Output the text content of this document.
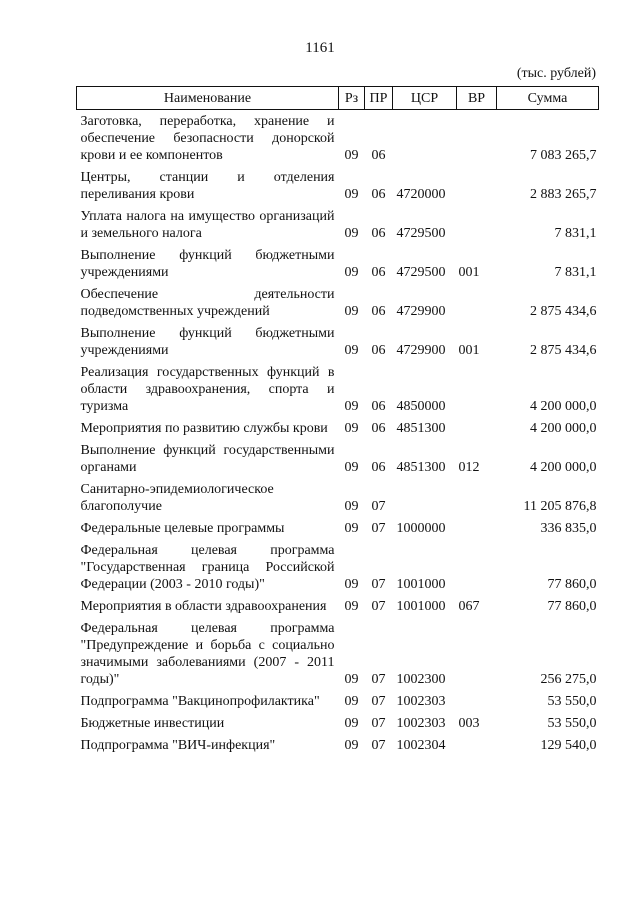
1161
(тыс. рублей)
Наименование	Рз	ПР	ЦСР	ВР	Сумма
Заготовка, переработка, хранение и обеспечение безопасности донорской крови и ее компонентов	09	06			7 083 265,7
Центры, станции и отделения переливания крови	09	06	4720000		2 883 265,7
Уплата налога на имущество организаций и земельного налога	09	06	4729500		7 831,1
Выполнение функций бюджетными учреждениями	09	06	4729500	001	7 831,1
Обеспечение деятельности подведомственных учреждений	09	06	4729900		2 875 434,6
Выполнение функций бюджетными учреждениями	09	06	4729900	001	2 875 434,6
Реализация государственных функций в области здравоохранения, спорта и туризма	09	06	4850000		4 200 000,0
Мероприятия по развитию службы крови	09	06	4851300		4 200 000,0
Выполнение функций государственными органами	09	06	4851300	012	4 200 000,0
Санитарно-эпидемиологическое благополучие	09	07			11 205 876,8
Федеральные целевые программы	09	07	1000000		336 835,0
Федеральная целевая программа "Государственная граница Российской Федерации (2003 - 2010 годы)"	09	07	1001000		77 860,0
Мероприятия в области здравоохранения	09	07	1001000	067	77 860,0
Федеральная целевая программа "Предупреждение и борьба с социально значимыми заболеваниями (2007 - 2011 годы)"	09	07	1002300		256 275,0
Подпрограмма "Вакцинопрофилактика"	09	07	1002303		53 550,0
Бюджетные инвестиции	09	07	1002303	003	53 550,0
Подпрограмма "ВИЧ-инфекция"	09	07	1002304		129 540,0
